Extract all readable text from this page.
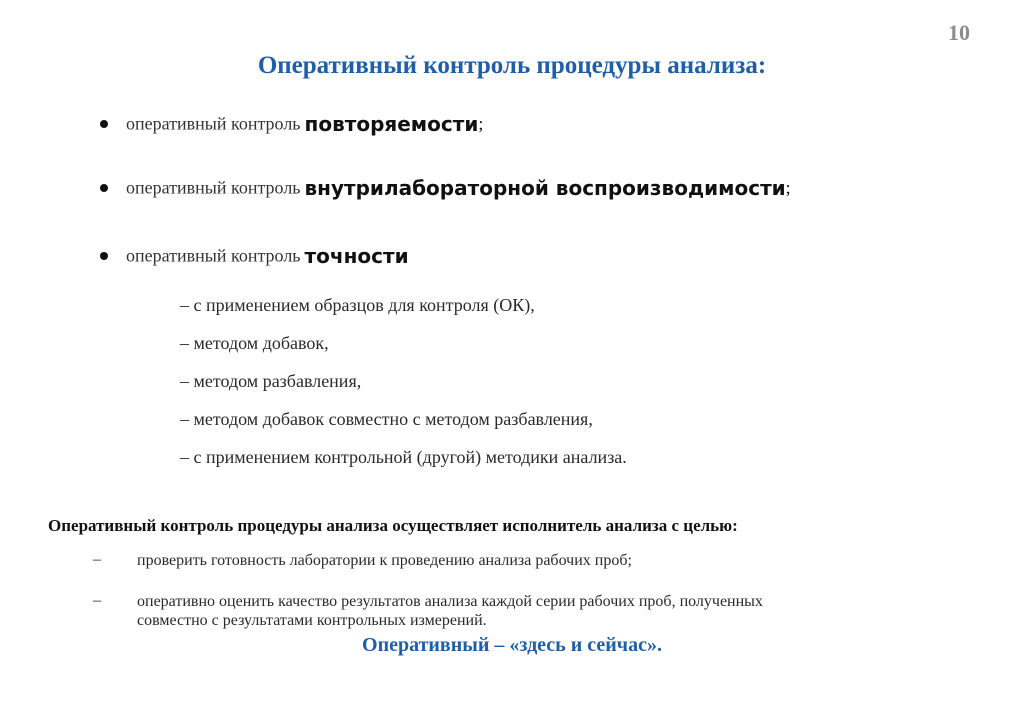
10
Оперативный контроль процедуры анализа:
оперативный контроль повторяемости;
оперативный контроль внутрилабораторной воспроизводимости;
оперативный контроль точности
– с применением образцов для контроля (ОК),
– методом добавок,
– методом разбавления,
– методом добавок совместно с методом разбавления,
– с применением контрольной (другой) методики анализа.
Оперативный контроль процедуры анализа осуществляет исполнитель анализа с целью:
– проверить готовность лаборатории к проведению анализа рабочих проб;
– оперативно оценить качество результатов анализа каждой серии рабочих проб, полученных совместно с результатами контрольных измерений.
Оперативный – «здесь и сейчас».
